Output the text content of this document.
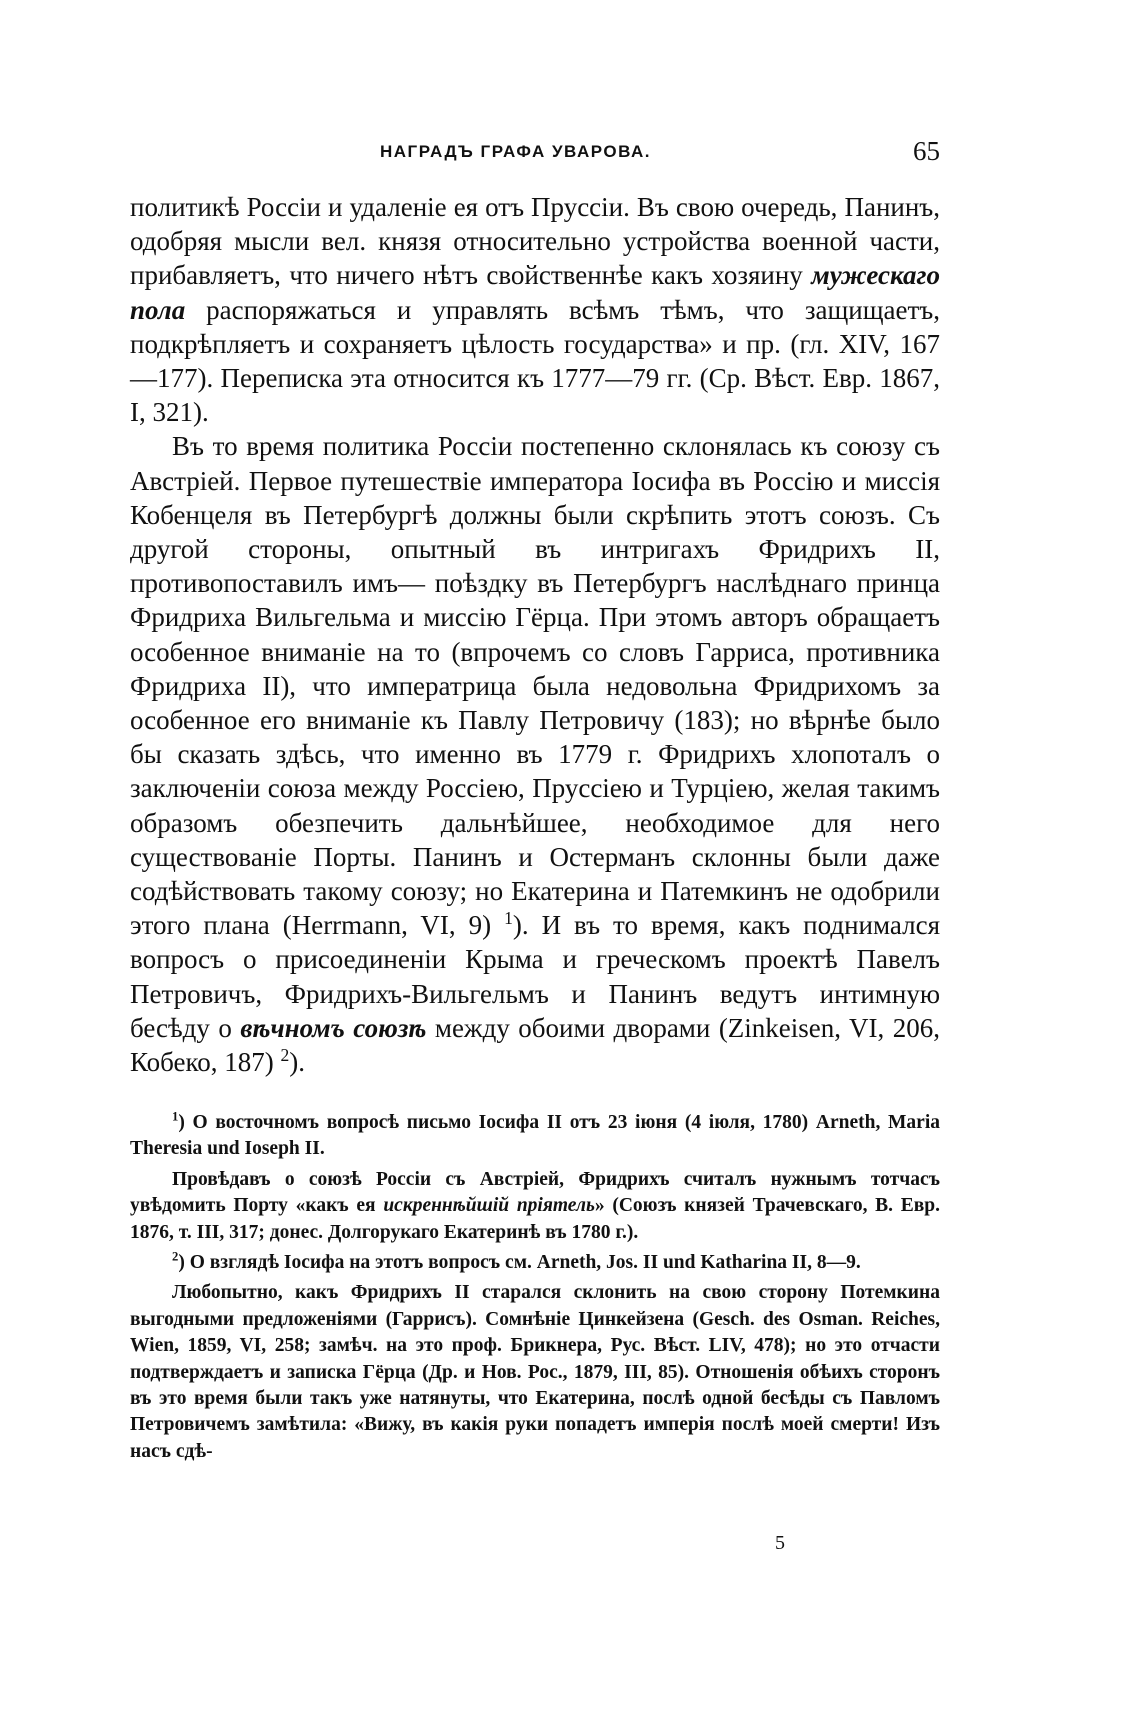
НАГРАДЪ ГРАФА УВАРОВА.	65

политикѣ Россіи и удаленіе ея отъ Пруссіи. Въ свою очередь, Панинъ, одобряя мысли вел. князя относительно устройства военной части, прибавляетъ, что ничего нѣтъ свойственнѣе какъ хозяину мужескаго пола распоряжаться и управлять всѣмъ тѣмъ, что защищаетъ, подкрѣпляетъ и сохраняетъ цѣлость государства» и пр. (гл. XIV, 167—177). Переписка эта относится къ 1777—79 гг. (Ср. Вѣст. Евр. 1867, I, 321).

Въ то время политика Россіи постепенно склонялась къ союзу съ Австріей. Первое путешествіе императора Іосифа въ Россію и миссія Кобенцеля въ Петербургѣ должны были скрѣпить этотъ союзъ. Съ другой стороны, опытный въ интригахъ Фридрихъ II, противопоставилъ имъ— поѣздку въ Петербургъ наслѣднаго принца Фридриха Вильгельма и миссію Гёрца. При этомъ авторъ обращаетъ особенное вниманіе на то (впрочемъ со словъ Гарриса, противника Фридриха II), что императрица была недовольна Фридрихомъ за особенное его вниманіе къ Павлу Петровичу (183); но вѣрнѣе было бы сказать здѣсь, что именно въ 1779 г. Фридрихъ хлопоталъ о заключеніи союза между Россіею, Пруссіею и Турціею, желая такимъ образомъ обезпечить дальнѣйшее, необходимое для него существованіе Порты. Панинъ и Остерманъ склонны были даже содѣйствовать такому союзу; но Екатерина и Патемкинъ не одобрили этого плана (Herrmann, VI, 9) $^1$). И въ то время, какъ поднимался вопросъ о присоединеніи Крыма и греческомъ проектѣ Павелъ Петровичъ, Фридрихъ-Вильгельмъ и Панинъ ведутъ интимную бесѣду о вѣчномъ союзѣ между обоими дворами (Zinkeisen, VI, 206, Кобеко, 187) $^2$).

$^1$) О восточномъ вопросѣ письмо Іосифа II отъ 23 іюня (4 іюля, 1780) Arneth, Maria Theresia und Ioseph II.

Провѣдавъ о союзѣ Россіи съ Австріей, Фридрихъ считалъ нужнымъ тотчасъ увѣдомить Порту «какъ ея искреннѣйшій пріятель» (Союзъ князей Трачевскаго, В. Евр. 1876, т. III, 317; донес. Долгорукаго Екатеринѣ въ 1780 г.).

$^2$) О взглядѣ Іосифа на этотъ вопросъ см. Arneth, Jos. II und Katharina II, 8—9.

Любопытно, какъ Фридрихъ II старался склонить на свою сторону Потемкина выгодными предложеніями (Гаррисъ). Сомнѣніе Цинкейзена (Gesch. des Osman. Reiches, Wien, 1859, VI, 258; замѣч. на это проф. Брикнера, Рус. Вѣст. LIV, 478); но это отчасти подтверждаетъ и записка Гёрца (Др. и Нов. Рос., 1879, III, 85). Отношенія обѣихъ сторонъ въ это время были такъ уже натянуты, что Екатерина, послѣ одной бесѣды съ Павломъ Петровичемъ замѣтила: «Вижу, въ какія руки попадетъ имперія послѣ моей смерти! Изъ насъ сдѣ-

5
